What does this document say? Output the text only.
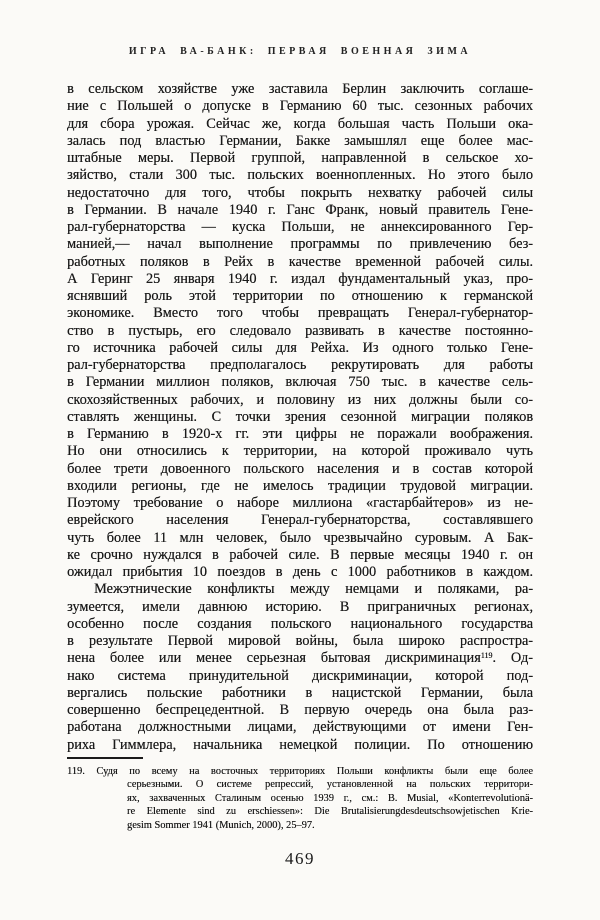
ИГРА ВА-БАНК: ПЕРВАЯ ВОЕННАЯ ЗИМА
в сельском хозяйстве уже заставила Берлин заключить соглаше-
ние с Польшей о допуске в Германию 60 тыс. сезонных рабочих
для сбора урожая. Сейчас же, когда большая часть Польши ока-
залась под властью Германии, Бакке замышлял еще более мас-
штабные меры. Первой группой, направленной в сельское хо-
зяйство, стали 300 тыс. польских военнопленных. Но этого было
недостаточно для того, чтобы покрыть нехватку рабочей силы
в Германии. В начале 1940 г. Ганс Франк, новый правитель Гене-
рал-губернаторства — куска Польши, не аннексированного Гер-
манией,— начал выполнение программы по привлечению без-
работных поляков в Рейх в качестве временной рабочей силы.
А Геринг 25 января 1940 г. издал фундаментальный указ, про-
яснявший роль этой территории по отношению к германской
экономике. Вместо того чтобы превращать Генерал-губернатор-
ство в пустырь, его следовало развивать в качестве постоянно-
го источника рабочей силы для Рейха. Из одного только Гене-
рал-губернаторства предполагалось рекрутировать для работы
в Германии миллион поляков, включая 750 тыс. в качестве сель-
скохозяйственных рабочих, и половину из них должны были со-
ставлять женщины. С точки зрения сезонной миграции поляков
в Германию в 1920-х гг. эти цифры не поражали воображения.
Но они относились к территории, на которой проживало чуть
более трети довоенного польского населения и в состав которой
входили регионы, где не имелось традиции трудовой миграции.
Поэтому требование о наборе миллиона «гастарбайтеров» из не-
еврейского населения Генерал-губернаторства, составлявшего
чуть более 11 млн человек, было чрезвычайно суровым. А Бак-
ке срочно нуждался в рабочей силе. В первые месяцы 1940 г. он
ожидал прибытия 10 поездов в день с 1000 работников в каждом.
Межэтнические конфликты между немцами и поляками, ра-
зумеется, имели давнюю историю. В приграничных регионах,
особенно после создания польского национального государства
в результате Первой мировой войны, была широко распростра-
нена более или менее серьезная бытовая дискриминация$^{119}$. Од-
нако система принудительной дискриминации, которой под-
вергались польские работники в нацистской Германии, была
совершенно беспрецедентной. В первую очередь она была раз-
работана должностными лицами, действующими от имени Ген-
риха Гиммлера, начальника немецкой полиции. По отношению
119. Судя по всему на восточных территориях Польши конфликты были еще более
серьезными. О системе репрессий, установленной на польских территори-
ях, захваченных Сталиным осенью 1939 г., см.: B. Musial, «Konterrevolutionä-
re Elemente sind zu erschiessen»: Die Brutalisierungdesdeutschsowjetischen Krie-
gesim Sommer 1941 (Munich, 2000), 25–97.
469
